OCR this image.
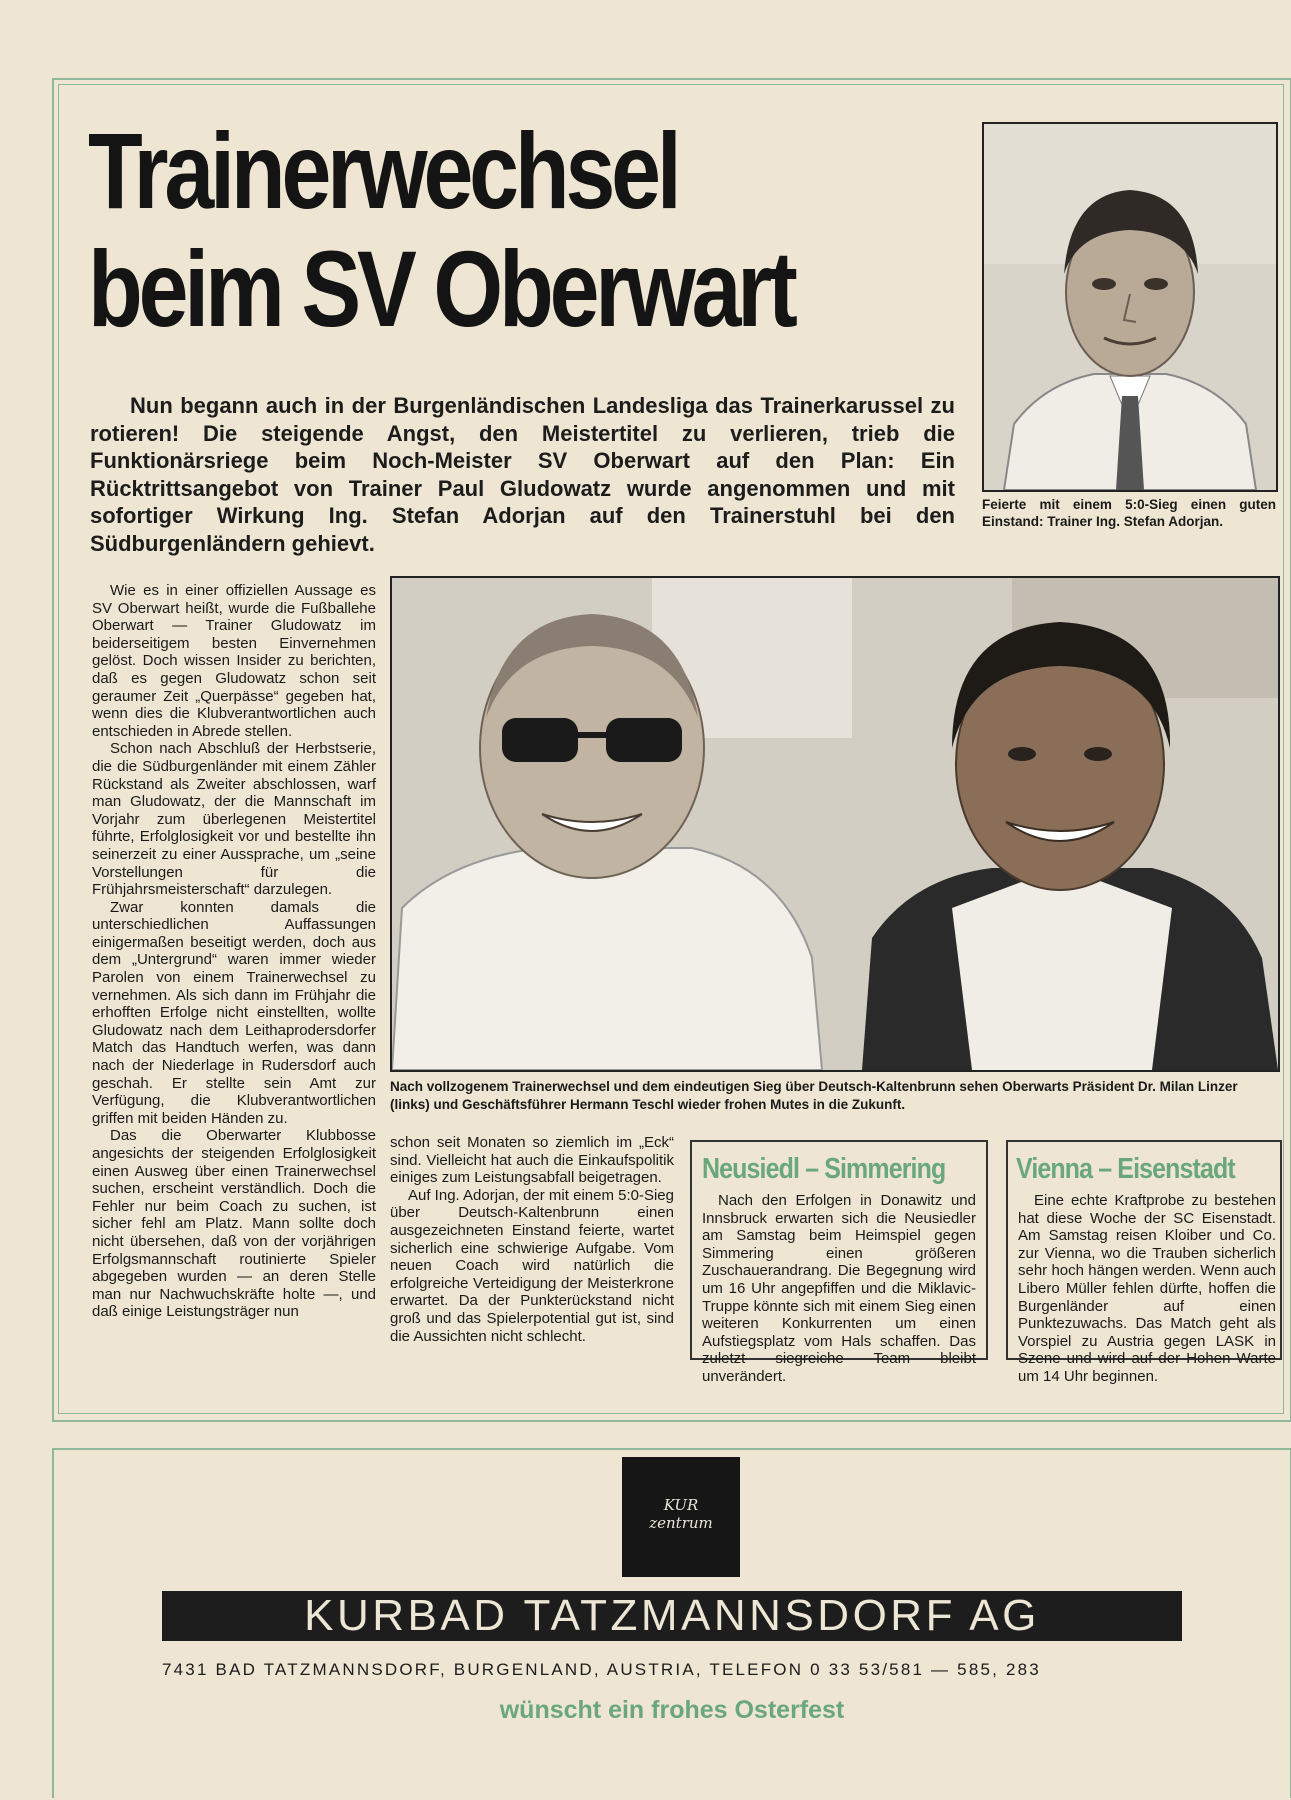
Trainerwechsel
beim SV Oberwart

Nun begann auch in der Burgenländischen Landesliga das Trainerkarussel zu rotieren! Die steigende Angst, den Meistertitel zu verlieren, trieb die Funktionärsriege beim Noch-Meister SV Oberwart auf den Plan: Ein Rücktrittsangebot von Trainer Paul Gludowatz wurde angenommen und mit sofortiger Wirkung Ing. Stefan Adorjan auf den Trainerstuhl bei den Südburgenländern gehievt.

Feierte mit einem 5:0-Sieg einen guten Einstand: Trainer Ing. Stefan Adorjan.

Nach vollzogenem Trainerwechsel und dem eindeutigen Sieg über Deutsch-Kaltenbrunn sehen Oberwarts Präsident Dr. Milan Linzer (links) und Geschäftsführer Hermann Teschl wieder frohen Mutes in die Zukunft.

Wie es in einer offiziellen Aussage es SV Oberwart heißt, wurde die Fußballehe Oberwart — Trainer Gludowatz im beiderseitigem besten Einvernehmen gelöst. Doch wissen Insider zu berichten, daß es gegen Gludowatz schon seit geraumer Zeit „Querpässe“ gegeben hat, wenn dies die Klubverantwortlichen auch entschieden in Abrede stellen.

Schon nach Abschluß der Herbstserie, die die Südburgenländer mit einem Zähler Rückstand als Zweiter abschlossen, warf man Gludowatz, der die Mannschaft im Vorjahr zum überlegenen Meistertitel führte, Erfolglosigkeit vor und bestellte ihn seinerzeit zu einer Aussprache, um „seine Vorstellungen für die Frühjahrsmeisterschaft“ darzulegen.

Zwar konnten damals die unterschiedlichen Auffassungen einigermaßen beseitigt werden, doch aus dem „Untergrund“ waren immer wieder Parolen von einem Trainerwechsel zu vernehmen. Als sich dann im Frühjahr die erhofften Erfolge nicht einstellten, wollte Gludowatz nach dem Leithaprodersdorfer Match das Handtuch werfen, was dann nach der Niederlage in Rudersdorf auch geschah. Er stellte sein Amt zur Verfügung, die Klubverantwortlichen griffen mit beiden Händen zu.

Das die Oberwarter Klubbosse angesichts der steigenden Erfolglosigkeit einen Ausweg über einen Trainerwechsel suchen, erscheint verständlich. Doch die Fehler nur beim Coach zu suchen, ist sicher fehl am Platz. Mann sollte doch nicht übersehen, daß von der vorjährigen Erfolgsmannschaft routinierte Spieler abgegeben wurden — an deren Stelle man nur Nachwuchskräfte holte —, und daß einige Leistungsträger nun

schon seit Monaten so ziemlich im „Eck“ sind. Vielleicht hat auch die Einkaufspolitik einiges zum Leistungsabfall beigetragen.

Auf Ing. Adorjan, der mit einem 5:0-Sieg über Deutsch-Kaltenbrunn einen ausgezeichneten Einstand feierte, wartet sicherlich eine schwierige Aufgabe. Vom neuen Coach wird natürlich die erfolgreiche Verteidigung der Meisterkrone erwartet. Da der Punkterückstand nicht groß und das Spielerpotential gut ist, sind die Aussichten nicht schlecht.

Neusiedl – Simmering

Nach den Erfolgen in Donawitz und Innsbruck erwarten sich die Neusiedler am Samstag beim Heimspiel gegen Simmering einen größeren Zuschauerandrang. Die Begegnung wird um 16 Uhr angepfiffen und die Miklavic-Truppe könnte sich mit einem Sieg einen weiteren Konkurrenten um einen Aufstiegsplatz vom Hals schaffen. Das zuletzt siegreiche Team bleibt unverändert.

Vienna – Eisenstadt

Eine echte Kraftprobe zu bestehen hat diese Woche der SC Eisenstadt. Am Samstag reisen Kloiber und Co. zur Vienna, wo die Trauben sicherlich sehr hoch hängen werden. Wenn auch Libero Müller fehlen dürfte, hoffen die Burgenländer auf einen Punktezuwachs. Das Match geht als Vorspiel zu Austria gegen LASK in Szene und wird auf der Hohen Warte um 14 Uhr beginnen.

KUR
zentrum
KURBAD TATZMANNSDORF AG

7431 BAD TATZMANNSDORF, BURGENLAND, AUSTRIA, TELEFON 0 33 53/581 — 585, 283

wünscht ein frohes Osterfest
